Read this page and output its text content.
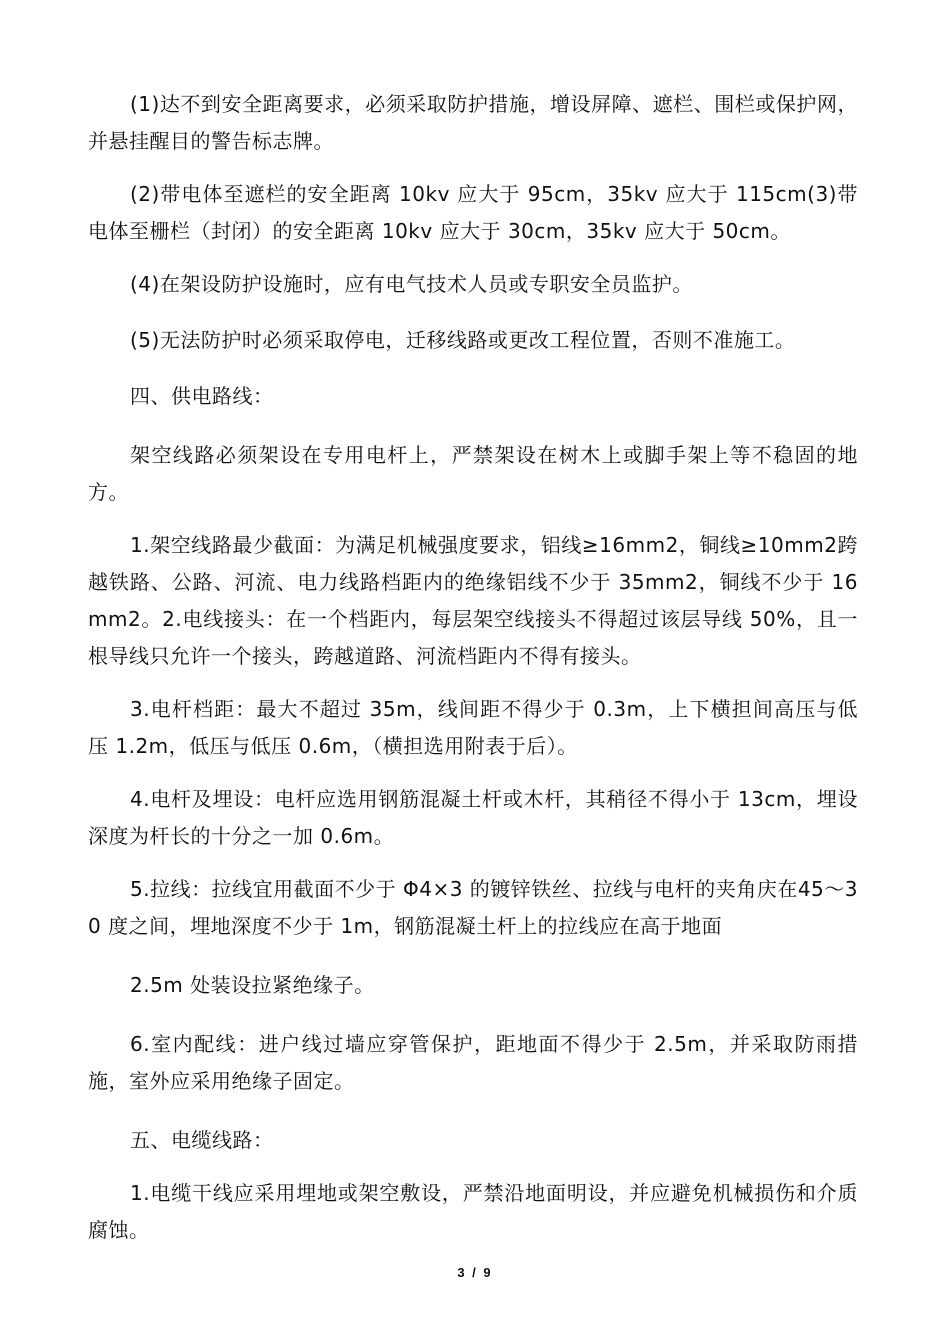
(1)达不到安全距离要求，必须采取防护措施，增设屏障、遮栏、围栏或保护网，并悬挂醒目的警告标志牌。

(2)带电体至遮栏的安全距离 10kv 应大于 95cm，35kv 应大于 115cm(3)带电体至栅栏（封闭）的安全距离 10kv 应大于 30cm，35kv 应大于 50cm。

(4)在架设防护设施时，应有电气技术人员或专职安全员监护。

(5)无法防护时必须采取停电，迁移线路或更改工程位置，否则不准施工。

四、供电路线：

架空线路必须架设在专用电杆上，严禁架设在树木上或脚手架上等不稳固的地方。

1.架空线路最少截面：为满足机械强度要求，铝线≥16mm2，铜线≥10mm2跨越铁路、公路、河流、电力线路档距内的绝缘铝线不少于 35mm2，铜线不少于 16mm2。2.电线接头：在一个档距内，每层架空线接头不得超过该层导线 50%，且一根导线只允许一个接头，跨越道路、河流档距内不得有接头。

3.电杆档距：最大不超过 35m，线间距不得少于 0.3m，上下横担间高压与低压 1.2m，低压与低压 0.6m，（横担选用附表于后）。

4.电杆及埋设：电杆应选用钢筋混凝土杆或木杆，其稍径不得小于 13cm，埋设深度为杆长的十分之一加 0.6m。

5.拉线：拉线宜用截面不少于 Φ4×3 的镀锌铁丝、拉线与电杆的夹角庆在45～30 度之间，埋地深度不少于 1m，钢筋混凝土杆上的拉线应在高于地面

2.5m 处装设拉紧绝缘子。

6.室内配线：进户线过墙应穿管保护，距地面不得少于 2.5m，并采取防雨措施，室外应采用绝缘子固定。

五、电缆线路：

1.电缆干线应采用埋地或架空敷设，严禁沿地面明设，并应避免机械损伤和介质腐蚀。

3 / 9
